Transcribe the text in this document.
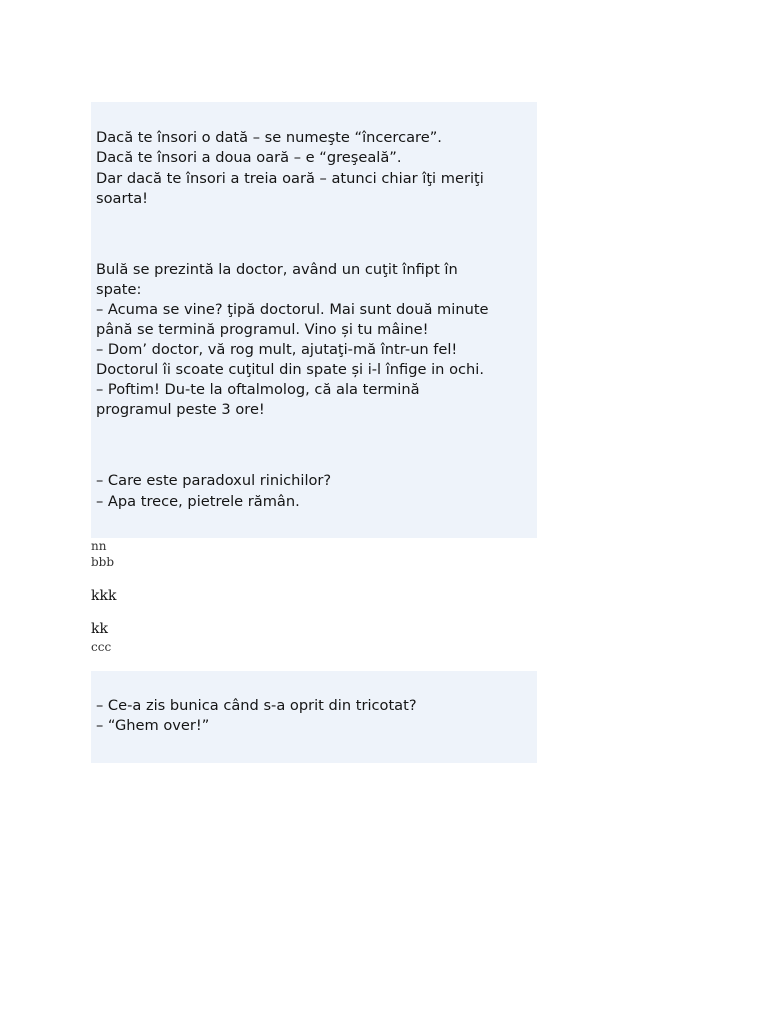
Dacă te însori o dată – se numeşte “încercare”.
Dacă te însori a doua oară – e “greşeală”.
Dar dacă te însori a treia oară – atunci chiar îţi meriţi
soarta!
Bulă se prezintă la doctor, având un cuţit înfipt în
spate:
– Acuma se vine? ţipă doctorul. Mai sunt două minute
până se termină programul. Vino și tu mâine!
– Dom’ doctor, vă rog mult, ajutaţi-mă într-un fel!
Doctorul îi scoate cuţitul din spate și i-l înfige in ochi.
– Poftim! Du-te la oftalmolog, că ala termină
programul peste 3 ore!
– Care este paradoxul rinichilor?
– Apa trece, pietrele rămân.
nn
bbb
kkk
kk
ccc
– Ce-a zis bunica când s-a oprit din tricotat?
– “Ghem over!”
